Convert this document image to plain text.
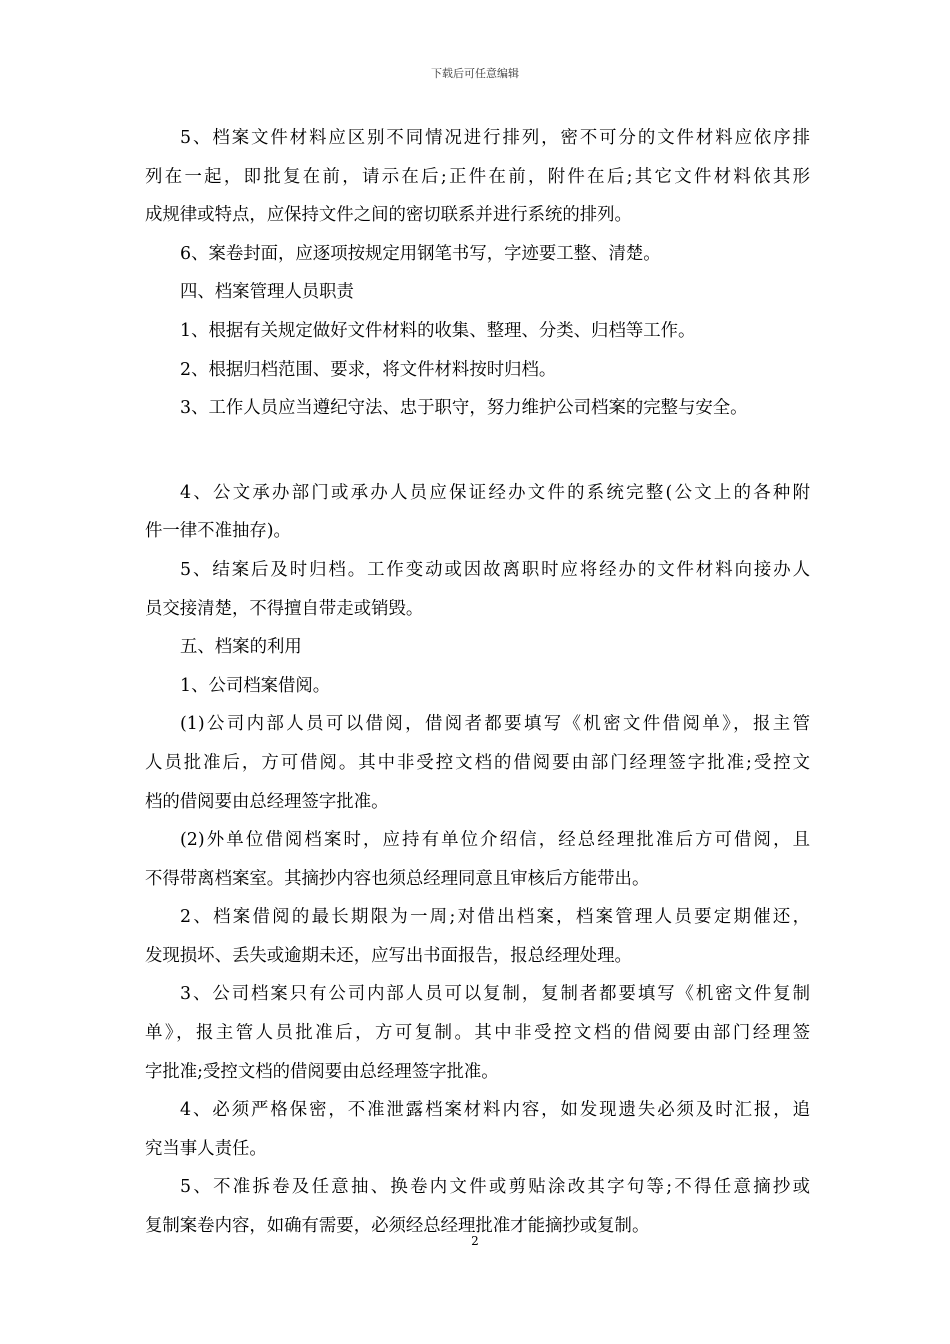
下载后可任意编辑
5、档案文件材料应区别不同情况进行排列，密不可分的文件材料应依序排
列在一起，即批复在前，请示在后;正件在前，附件在后;其它文件材料依其形
成规律或特点，应保持文件之间的密切联系并进行系统的排列。
6、案卷封面，应逐项按规定用钢笔书写，字迹要工整、清楚。
四、档案管理人员职责
1、根据有关规定做好文件材料的收集、整理、分类、归档等工作。
2、根据归档范围、要求，将文件材料按时归档。
3、工作人员应当遵纪守法、忠于职守，努力维护公司档案的完整与安全。
4、公文承办部门或承办人员应保证经办文件的系统完整(公文上的各种附
件一律不准抽存)。
5、结案后及时归档。工作变动或因故离职时应将经办的文件材料向接办人
员交接清楚，不得擅自带走或销毁。
五、档案的利用
1、公司档案借阅。
(1)公司内部人员可以借阅，借阅者都要填写《机密文件借阅单》，报主管
人员批准后，方可借阅。其中非受控文档的借阅要由部门经理签字批准;受控文
档的借阅要由总经理签字批准。
(2)外单位借阅档案时，应持有单位介绍信，经总经理批准后方可借阅，且
不得带离档案室。其摘抄内容也须总经理同意且审核后方能带出。
2、档案借阅的最长期限为一周;对借出档案，档案管理人员要定期催还，
发现损坏、丢失或逾期未还，应写出书面报告，报总经理处理。
3、公司档案只有公司内部人员可以复制，复制者都要填写《机密文件复制
单》，报主管人员批准后，方可复制。其中非受控文档的借阅要由部门经理签
字批准;受控文档的借阅要由总经理签字批准。
4、必须严格保密，不准泄露档案材料内容，如发现遗失必须及时汇报，追
究当事人责任。
5、不准拆卷及任意抽、换卷内文件或剪贴涂改其字句等;不得任意摘抄或
复制案卷内容，如确有需要，必须经总经理批准才能摘抄或复制。
2
